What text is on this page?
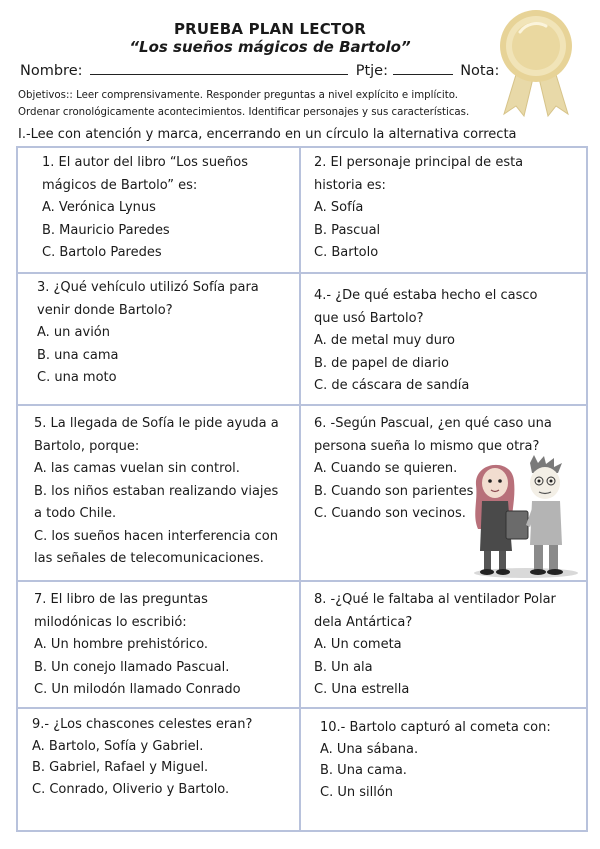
PRUEBA PLAN LECTOR
“Los sueños mágicos de Bartolo”
Nombre:	Ptje:	Nota:
Objetivos:: Leer comprensivamente. Responder preguntas a nivel explícito e implícito.
Ordenar cronológicamente acontecimientos. Identificar personajes y sus características.
I.-Lee con atención y marca, encerrando en un círculo la alternativa correcta
1. El autor del libro “Los sueños
mágicos de Bartolo” es:
A. Verónica Lynus
B. Mauricio Paredes
C. Bartolo Paredes
2. El personaje principal de esta
historia es:
A. Sofía
B. Pascual
C. Bartolo
3. ¿Qué vehículo utilizó Sofía para
venir donde Bartolo?
A. un avión
B. una cama
C. una moto
4.- ¿De qué estaba hecho el casco
que usó Bartolo?
A. de metal muy duro
B. de papel de diario
C. de cáscara de sandía
5. La llegada de Sofía le pide ayuda a
Bartolo, porque:
A. las camas vuelan sin control.
B. los niños estaban realizando viajes
a todo Chile.
C. los sueños hacen interferencia con
las señales de telecomunicaciones.
6. -Según Pascual, ¿en qué caso una
persona sueña lo mismo que otra?
A. Cuando se quieren.
B. Cuando son parientes
C. Cuando son vecinos.
7. El libro de las preguntas
milodónicas lo escribió:
A. Un hombre prehistórico.
B. Un conejo llamado Pascual.
C. Un milodón llamado Conrado
8. -¿Qué le faltaba al ventilador Polar
dela Antártica?
A. Un cometa
B. Un ala
C. Una estrella
9.- ¿Los chascones celestes eran?
A. Bartolo, Sofía y Gabriel.
B. Gabriel, Rafael y Miguel.
C. Conrado, Oliverio y Bartolo.
10.- Bartolo capturó al cometa con:
A. Una sábana.
B. Una cama.
C. Un sillón
